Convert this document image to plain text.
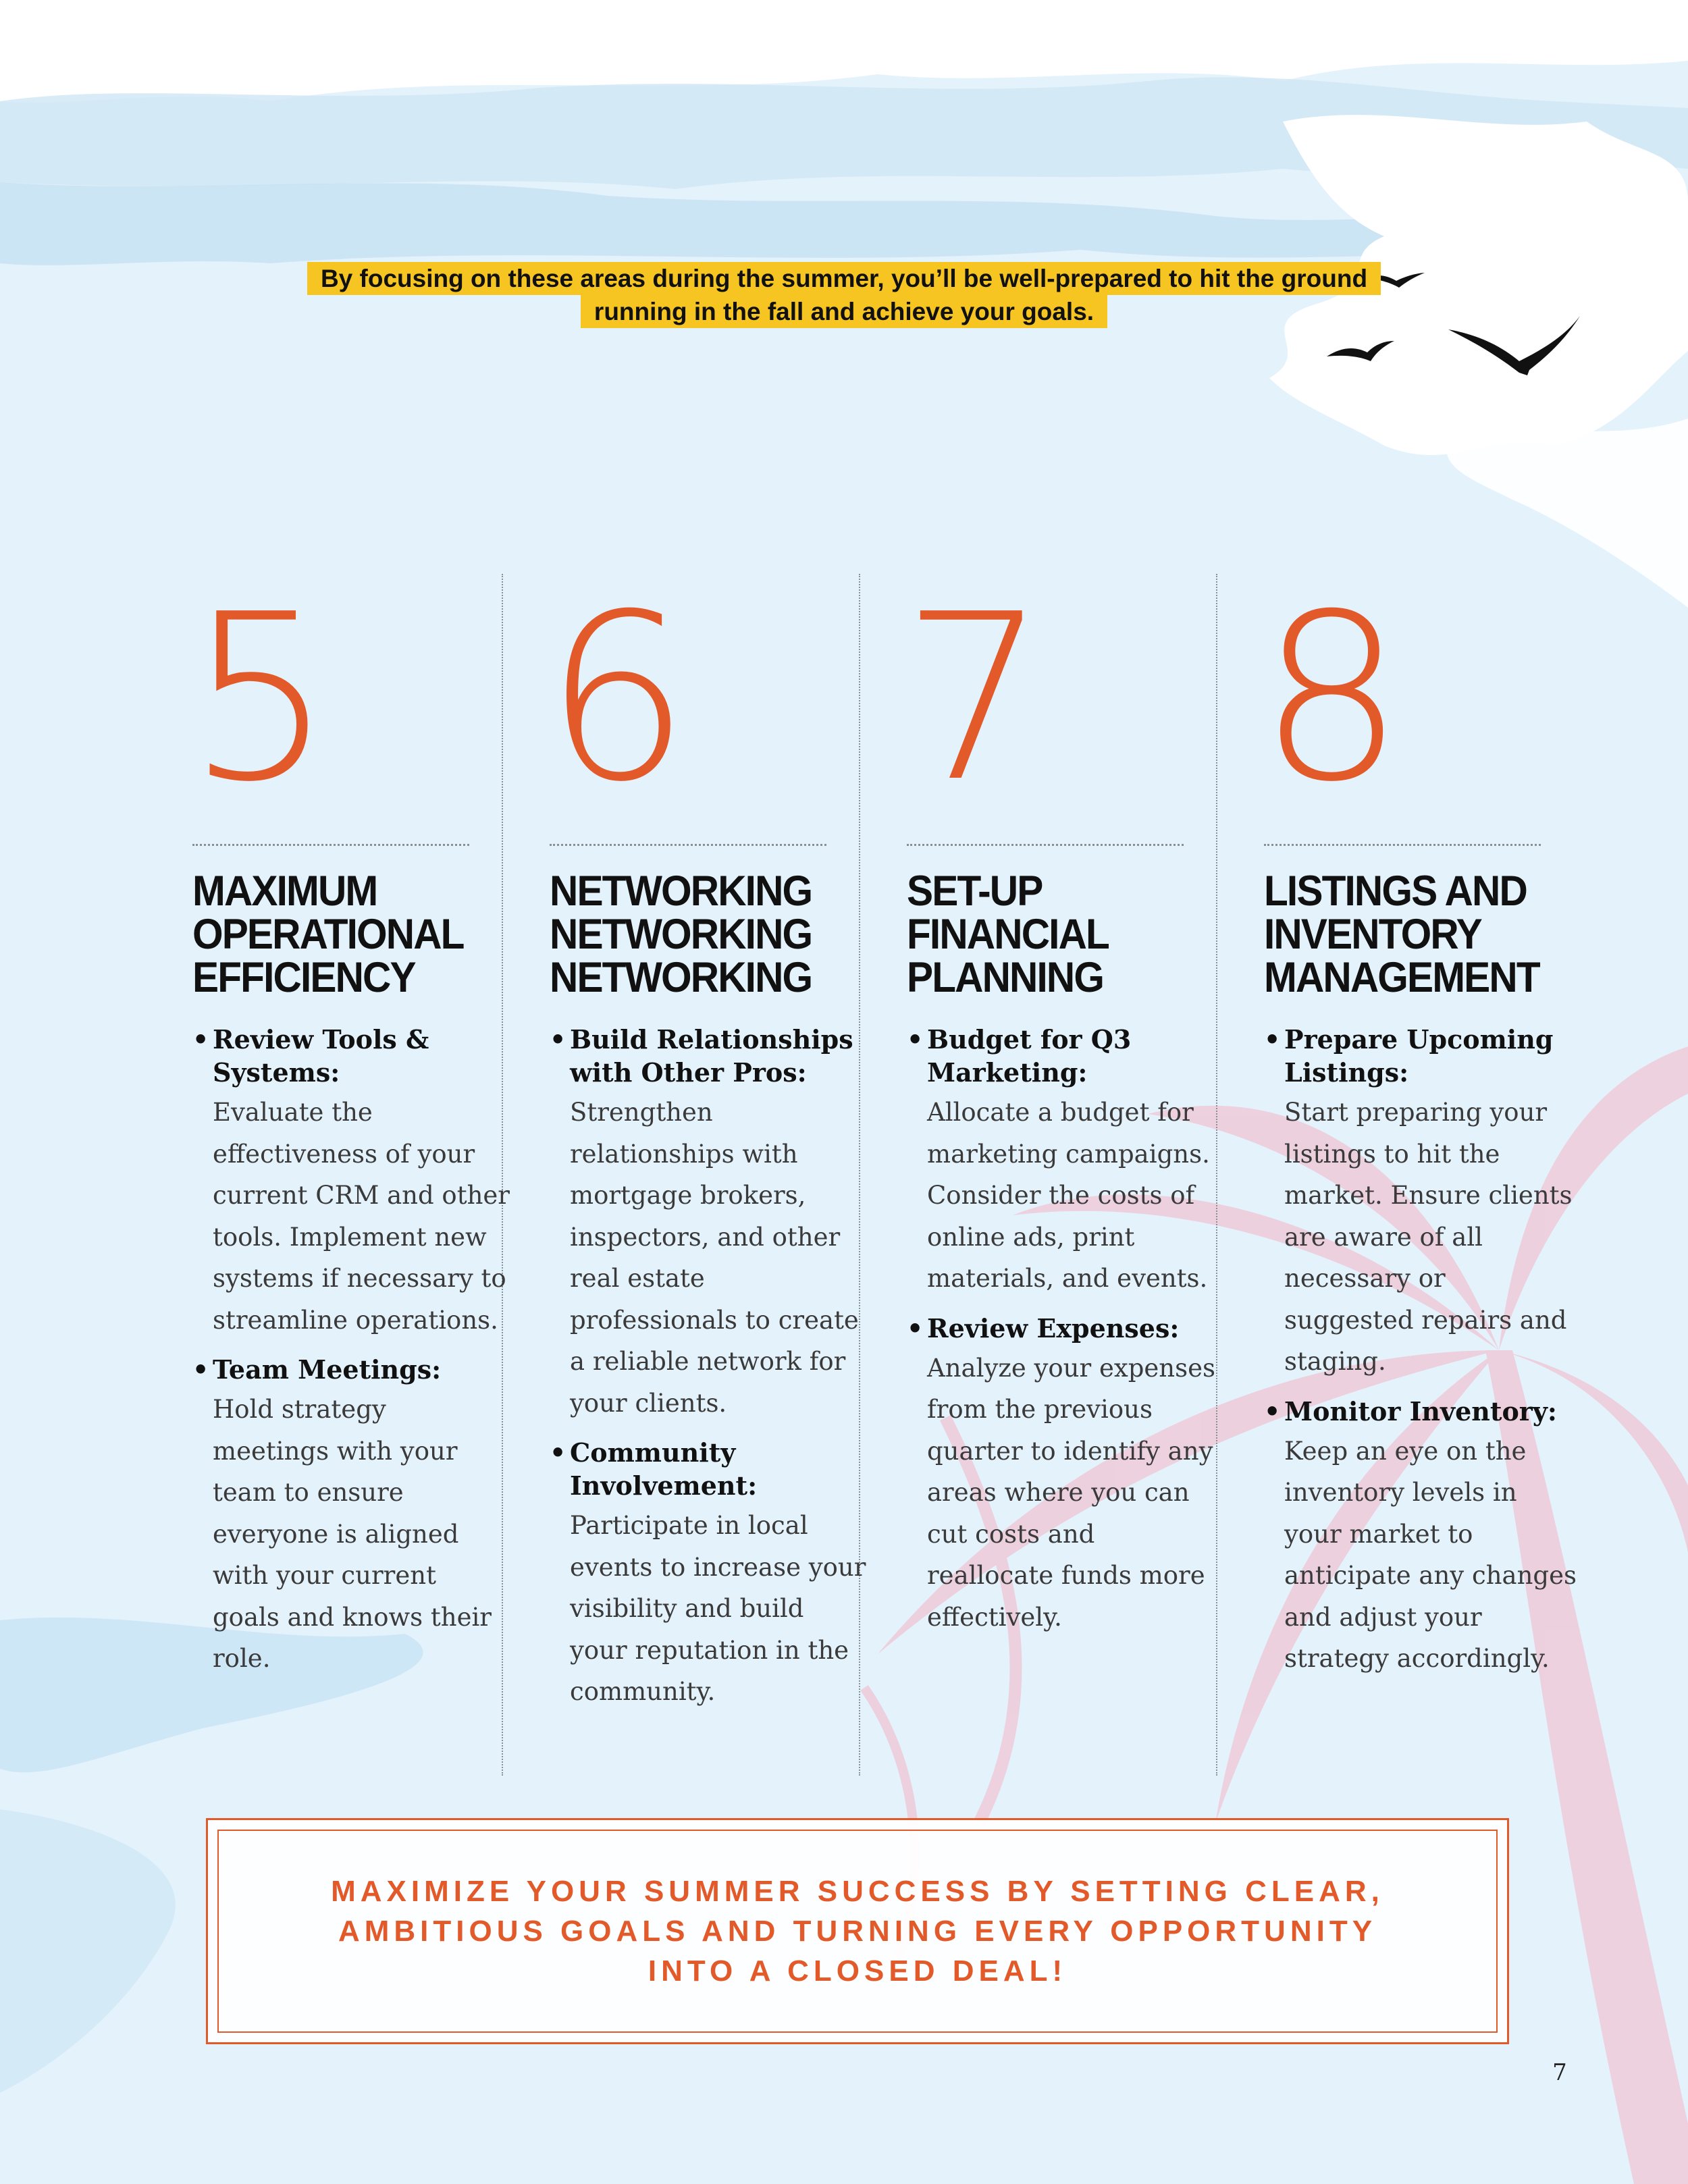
By focusing on these areas during the summer, you’ll be well-prepared to hit the ground running in the fall and achieve your goals.
5
MAXIMUM OPERATIONAL EFFICIENCY
• Review Tools & Systems:
Evaluate the effectiveness of your current CRM and other tools. Implement new systems if necessary to streamline operations.
• Team Meetings:
Hold strategy meetings with your team to ensure everyone is aligned with your current goals and knows their role.
6
NETWORKING NETWORKING NETWORKING
• Build Relationships with Other Pros:
Strengthen relationships with mortgage brokers, inspectors, and other real estate professionals to create a reliable network for your clients.
• Community Involvement:
Participate in local events to increase your visibility and build your reputation in the community.
7
SET-UP FINANCIAL PLANNING
• Budget for Q3 Marketing:
Allocate a budget for marketing campaigns. Consider the costs of online ads, print materials, and events.
• Review Expenses:
Analyze your expenses from the previous quarter to identify any areas where you can cut costs and reallocate funds more effectively.
8
LISTINGS AND INVENTORY MANAGEMENT
• Prepare Upcoming Listings:
Start preparing your listings to hit the market. Ensure clients are aware of all necessary or suggested repairs and staging.
• Monitor Inventory:
Keep an eye on the inventory levels in your market to anticipate any changes and adjust your strategy accordingly.
MAXIMIZE YOUR SUMMER SUCCESS BY SETTING CLEAR, AMBITIOUS GOALS AND TURNING EVERY OPPORTUNITY INTO A CLOSED DEAL!
7
